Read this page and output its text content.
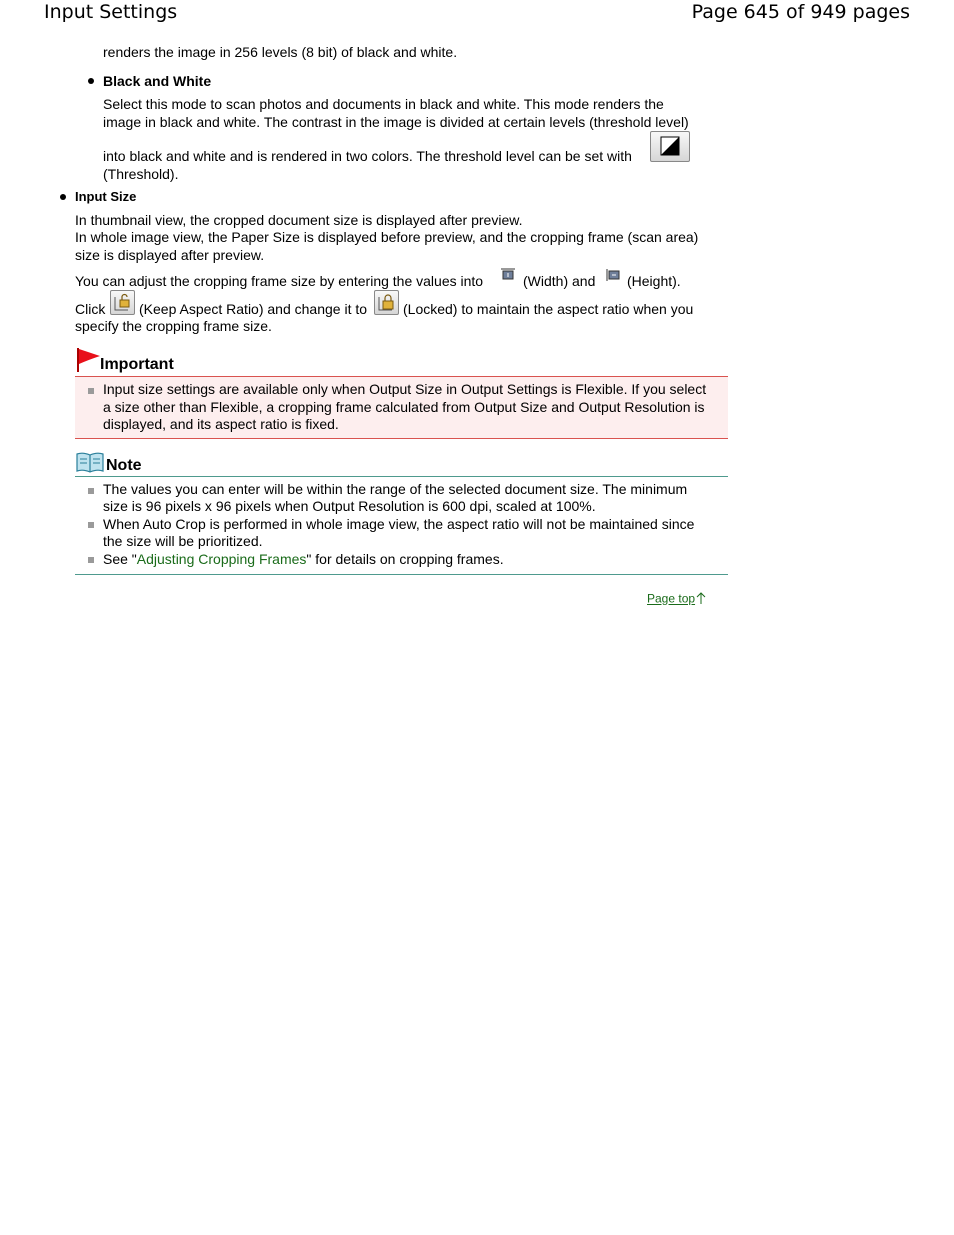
Input Settings	Page 645 of 949 pages

renders the image in 256 levels (8 bit) of black and white.

Black and White

Select this mode to scan photos and documents in black and white. This mode renders the

image in black and white. The contrast in the image is divided at certain levels (threshold level)

into black and white and is rendered in two colors. The threshold level can be set with

(Threshold).

Input Size

In thumbnail view, the cropped document size is displayed after preview.

In whole image view, the Paper Size is displayed before preview, and the cropping frame (scan area)

size is displayed after preview.

You can adjust the cropping frame size by entering the values into	(Width) and (Height).

Click (Keep Aspect Ratio) and change it to	(Locked) to maintain the aspect ratio when you

specify the cropping frame size.

Important

Input size settings are available only when Output Size in Output Settings is Flexible. If you select

a size other than Flexible, a cropping frame calculated from Output Size and Output Resolution is

displayed, and its aspect ratio is fixed.

Note

The values you can enter will be within the range of the selected document size. The minimum

size is 96 pixels x 96 pixels when Output Resolution is 600 dpi, scaled at 100%.

When Auto Crop is performed in whole image view, the aspect ratio will not be maintained since

the size will be prioritized.

See "Adjusting Cropping Frames" for details on cropping frames.

Page top
